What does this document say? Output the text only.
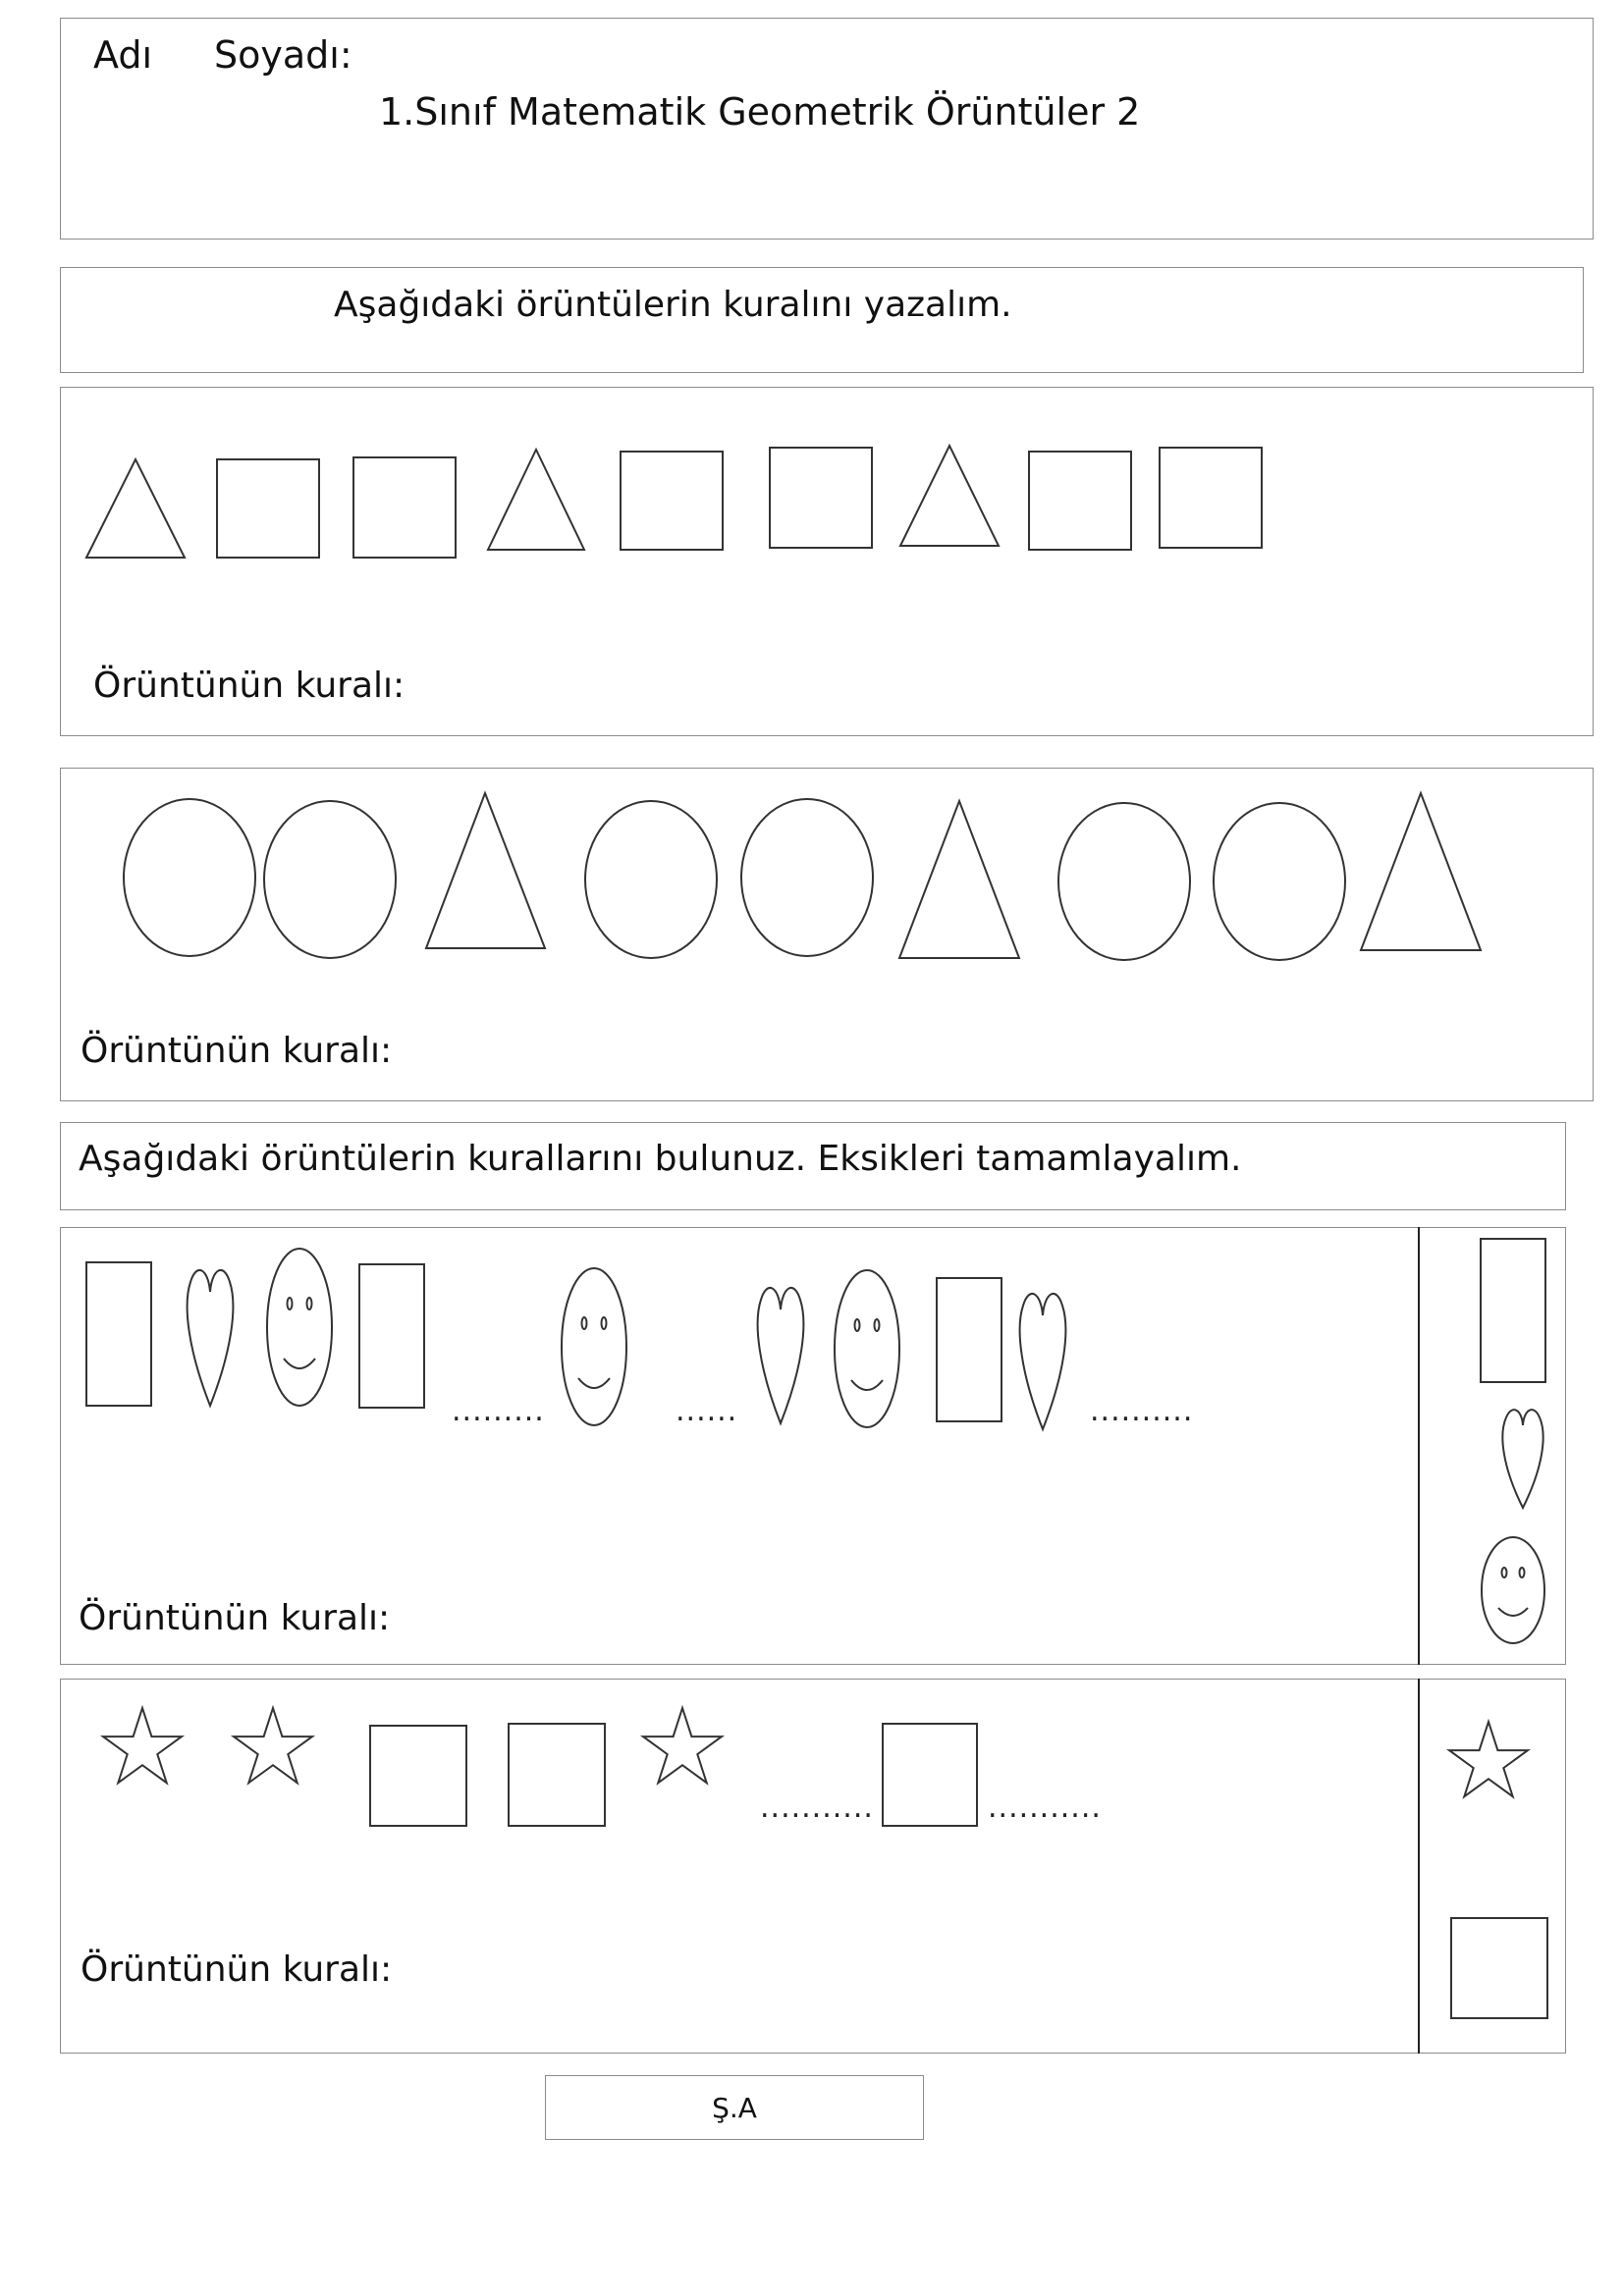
Adı Soyadı:
1.Sınıf Matematik Geometrik Örüntüler 2
Aşağıdaki örüntülerin kuralını yazalım.
Örüntünün kuralı:
Örüntünün kuralı:
Aşağıdaki örüntülerin kurallarını bulunuz. Eksikleri tamamlayalım.
.........	......	..........
Örüntünün kuralı:
...........	...........
Örüntünün kuralı:
Ş.A
